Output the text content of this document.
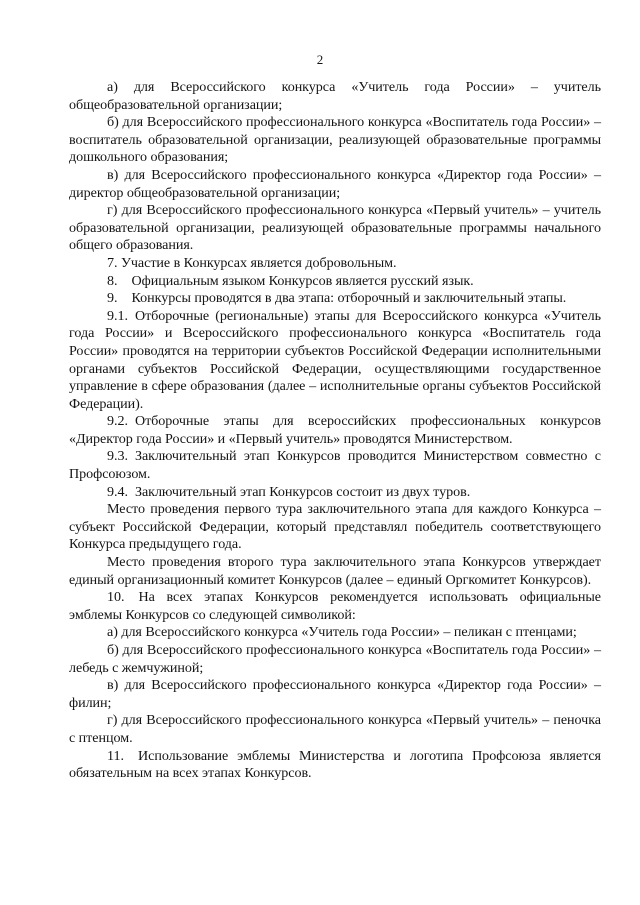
2

а) для Всероссийского конкурса «Учитель года России» – учитель общеобразовательной организации;

б) для Всероссийского профессионального конкурса «Воспитатель года России» – воспитатель образовательной организации, реализующей образовательные программы дошкольного образования;

в) для Всероссийского профессионального конкурса «Директор года России» – директор общеобразовательной организации;

г) для Всероссийского профессионального конкурса «Первый учитель» – учитель образовательной организации, реализующей образовательные программы начального общего образования.

7. Участие в Конкурсах является добровольным.

8. Официальным языком Конкурсов является русский язык.

9. Конкурсы проводятся в два этапа: отборочный и заключительный этапы.

9.1. Отборочные (региональные) этапы для Всероссийского конкурса «Учитель года России» и Всероссийского профессионального конкурса «Воспитатель года России» проводятся на территории субъектов Российской Федерации исполнительными органами субъектов Российской Федерации, осуществляющими государственное управление в сфере образования (далее – исполнительные органы субъектов Российской Федерации).

9.2. Отборочные этапы для всероссийских профессиональных конкурсов «Директор года России» и «Первый учитель» проводятся Министерством.

9.3. Заключительный этап Конкурсов проводится Министерством совместно с Профсоюзом.

9.4. Заключительный этап Конкурсов состоит из двух туров.

Место проведения первого тура заключительного этапа для каждого Конкурса – субъект Российской Федерации, который представлял победитель соответствующего Конкурса предыдущего года.

Место проведения второго тура заключительного этапа Конкурсов утверждает единый организационный комитет Конкурсов (далее – единый Оргкомитет Конкурсов).

10. На всех этапах Конкурсов рекомендуется использовать официальные эмблемы Конкурсов со следующей символикой:

а) для Всероссийского конкурса «Учитель года России» – пеликан с птенцами;

б) для Всероссийского профессионального конкурса «Воспитатель года России» – лебедь с жемчужиной;

в) для Всероссийского профессионального конкурса «Директор года России» – филин;

г) для Всероссийского профессионального конкурса «Первый учитель» – пеночка с птенцом.

11. Использование эмблемы Министерства и логотипа Профсоюза является обязательным на всех этапах Конкурсов.
